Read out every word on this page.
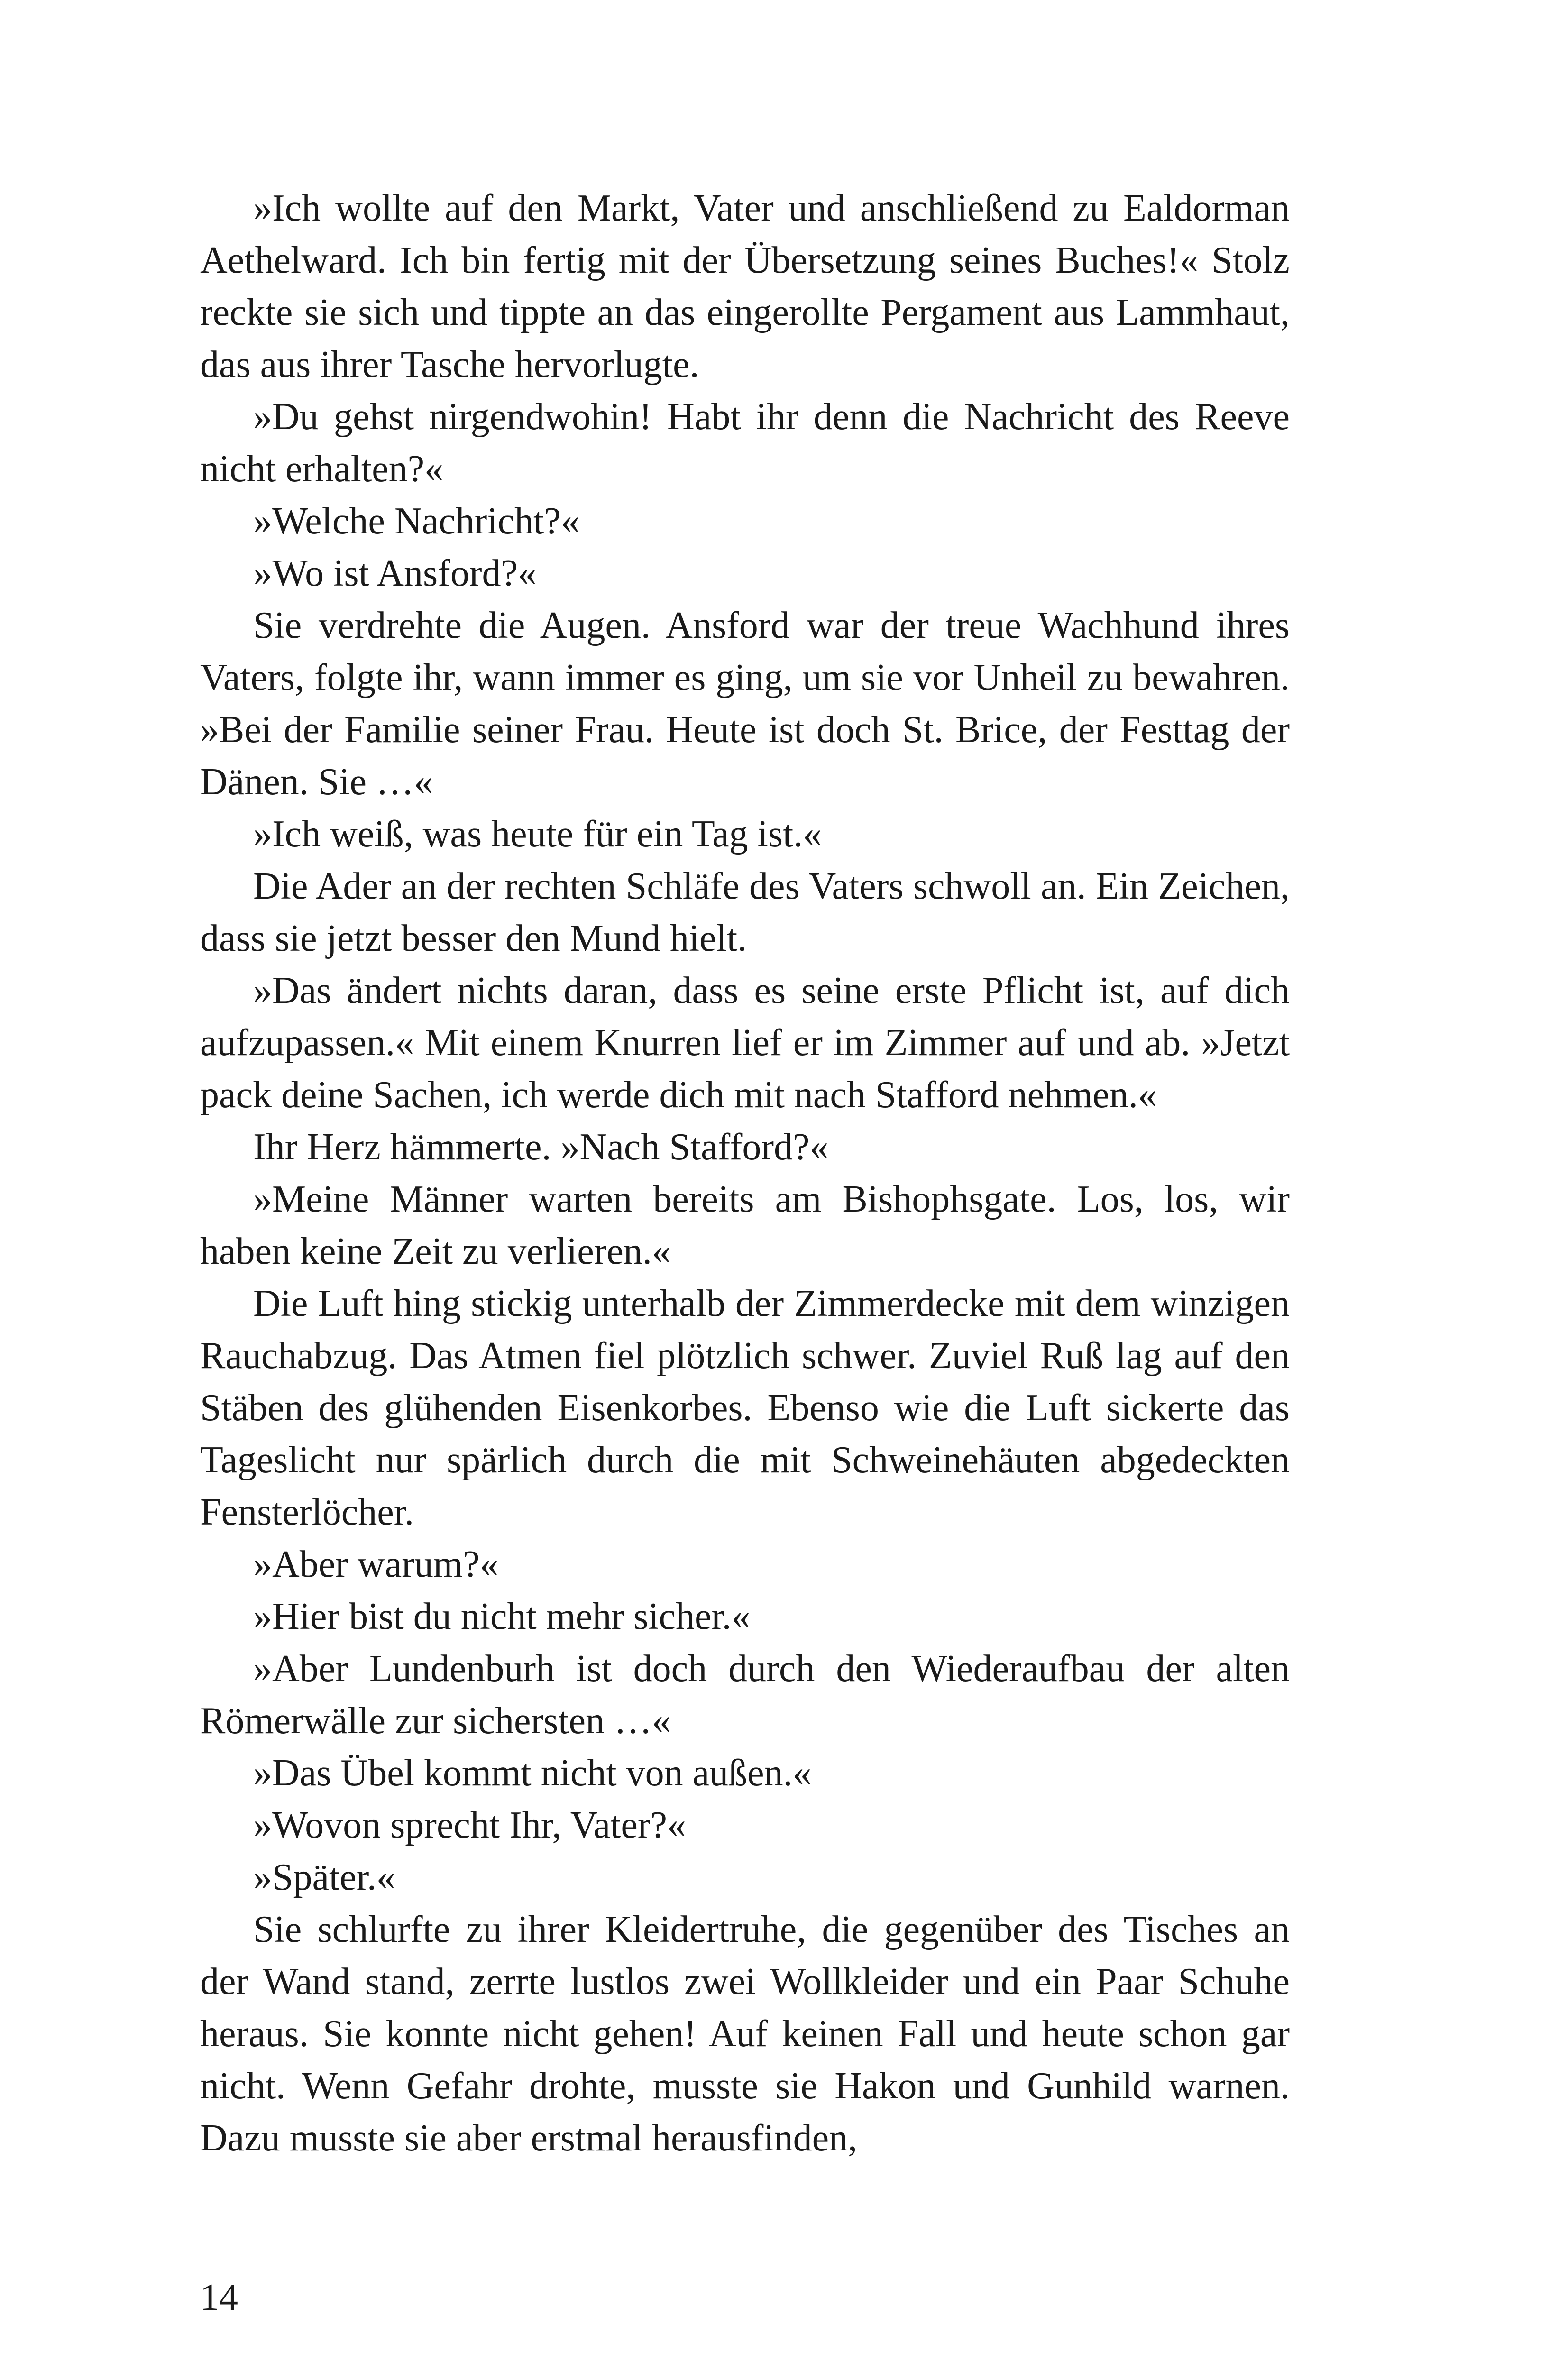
»Ich wollte auf den Markt, Vater und anschließend zu Ealdorman Aethelward. Ich bin fertig mit der Übersetzung seines Buches!« Stolz reckte sie sich und tippte an das eingerollte Pergament aus Lammhaut, das aus ihrer Tasche hervorlugte.

»Du gehst nirgendwohin! Habt ihr denn die Nachricht des Reeve nicht erhalten?«

»Welche Nachricht?«

»Wo ist Ansford?«

Sie verdrehte die Augen. Ansford war der treue Wachhund ihres Vaters, folgte ihr, wann immer es ging, um sie vor Unheil zu bewahren. »Bei der Familie seiner Frau. Heute ist doch St. Brice, der Festtag der Dänen. Sie …«

»Ich weiß, was heute für ein Tag ist.«

Die Ader an der rechten Schläfe des Vaters schwoll an. Ein Zeichen, dass sie jetzt besser den Mund hielt.

»Das ändert nichts daran, dass es seine erste Pflicht ist, auf dich aufzupassen.« Mit einem Knurren lief er im Zimmer auf und ab. »Jetzt pack deine Sachen, ich werde dich mit nach Stafford nehmen.«

Ihr Herz hämmerte. »Nach Stafford?«

»Meine Männer warten bereits am Bishophsgate. Los, los, wir haben keine Zeit zu verlieren.«

Die Luft hing stickig unterhalb der Zimmerdecke mit dem winzigen Rauchabzug. Das Atmen fiel plötzlich schwer. Zuviel Ruß lag auf den Stäben des glühenden Eisenkorbes. Ebenso wie die Luft sickerte das Tageslicht nur spärlich durch die mit Schweinehäuten abgedeckten Fensterlöcher.

»Aber warum?«

»Hier bist du nicht mehr sicher.«

»Aber Lundenburh ist doch durch den Wiederaufbau der alten Römerwälle zur sichersten …«

»Das Übel kommt nicht von außen.«

»Wovon sprecht Ihr, Vater?«

»Später.«

Sie schlurfte zu ihrer Kleidertruhe, die gegenüber des Tisches an der Wand stand, zerrte lustlos zwei Wollkleider und ein Paar Schuhe heraus. Sie konnte nicht gehen! Auf keinen Fall und heute schon gar nicht. Wenn Gefahr drohte, musste sie Hakon und Gunhild warnen. Dazu musste sie aber erstmal herausfinden,

14
